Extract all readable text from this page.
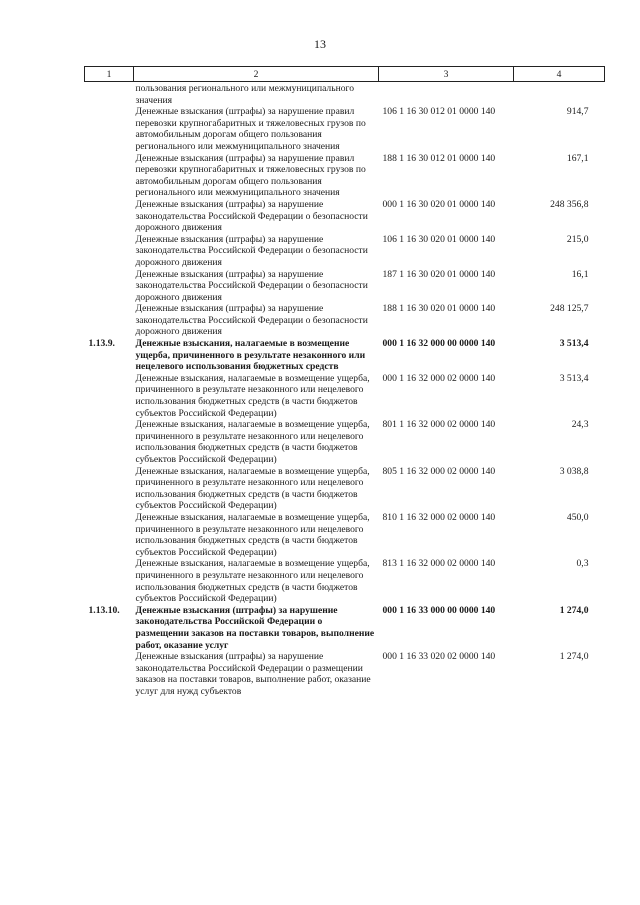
13
1	2	3	4
	пользования регионального или межмуниципального значения		
	Денежные взыскания (штрафы) за нарушение правил перевозки крупногабаритных и тяжеловесных грузов по автомобильным дорогам общего пользования регионального или межмуниципального значения	106 1 16 30 012 01 0000 140	914,7
	Денежные взыскания (штрафы) за нарушение правил перевозки крупногабаритных и тяжеловесных грузов по автомобильным дорогам общего пользования регионального или межмуниципального значения	188 1 16 30 012 01 0000 140	167,1
	Денежные взыскания (штрафы) за нарушение законодательства Российской Федерации о безопасности дорожного движения	000 1 16 30 020 01 0000 140	248 356,8
	Денежные взыскания (штрафы) за нарушение законодательства Российской Федерации о безопасности дорожного движения	106 1 16 30 020 01 0000 140	215,0
	Денежные взыскания (штрафы) за нарушение законодательства Российской Федерации о безопасности дорожного движения	187 1 16 30 020 01 0000 140	16,1
	Денежные взыскания (штрафы) за нарушение законодательства Российской Федерации о безопасности дорожного движения	188 1 16 30 020 01 0000 140	248 125,7
1.13.9.	Денежные взыскания, налагаемые в возмещение ущерба, причиненного в результате незаконного или нецелевого использования бюджетных средств	000 1 16 32 000 00 0000 140	3 513,4
	Денежные взыскания, налагаемые в возмещение ущерба, причиненного в результате незаконного или нецелевого использования бюджетных средств (в части бюджетов субъектов Российской Федерации)	000 1 16 32 000 02 0000 140	3 513,4
	Денежные взыскания, налагаемые в возмещение ущерба, причиненного в результате незаконного или нецелевого использования бюджетных средств (в части бюджетов субъектов Российской Федерации)	801 1 16 32 000 02 0000 140	24,3
	Денежные взыскания, налагаемые в возмещение ущерба, причиненного в результате незаконного или нецелевого использования бюджетных средств (в части бюджетов субъектов Российской Федерации)	805 1 16 32 000 02 0000 140	3 038,8
	Денежные взыскания, налагаемые в возмещение ущерба, причиненного в результате незаконного или нецелевого использования бюджетных средств (в части бюджетов субъектов Российской Федерации)	810 1 16 32 000 02 0000 140	450,0
	Денежные взыскания, налагаемые в возмещение ущерба, причиненного в результате незаконного или нецелевого использования бюджетных средств (в части бюджетов субъектов Российской Федерации)	813 1 16 32 000 02 0000 140	0,3
1.13.10.	Денежные взыскания (штрафы) за нарушение законодательства Российской Федерации о размещении заказов на поставки товаров, выполнение работ, оказание услуг	000 1 16 33 000 00 0000 140	1 274,0
	Денежные взыскания (штрафы) за нарушение законодательства Российской Федерации о размещении заказов на поставки товаров, выполнение работ, оказание услуг для нужд субъектов	000 1 16 33 020 02 0000 140	1 274,0
